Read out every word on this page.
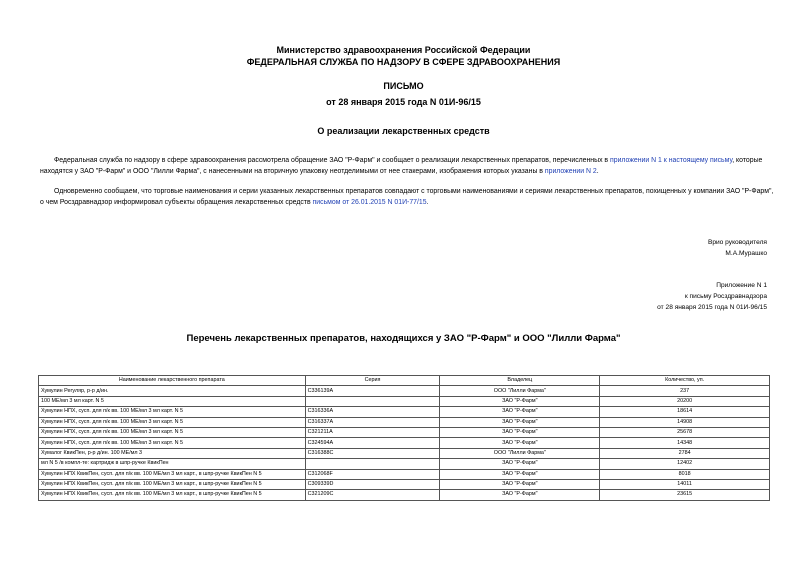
Министерство здравоохранения Российской Федерации
ФЕДЕРАЛЬНАЯ СЛУЖБА ПО НАДЗОРУ В СФЕРЕ ЗДРАВООХРАНЕНИЯ
ПИСЬМО
от 28 января 2015 года N 01И-96/15
О реализации лекарственных средств
Федеральная служба по надзору в сфере здравоохранения рассмотрела обращение ЗАО "Р-Фарм" и сообщает о реализации лекарственных препаратов, перечисленных в приложении N 1 к настоящему письму, которые находятся у ЗАО "Р-Фарм" и ООО "Лилли Фарма", с нанесенными на вторичную упаковку неотделимыми от нее стакерами, изображения которых указаны в приложении N 2.
Одновременно сообщаем, что торговые наименования и серии указанных лекарственных препаратов совпадают с торговыми наименованиями и сериями лекарственных препаратов, похищенных у компании ЗАО "Р-Фарм", о чем Росздравнадзор информировал субъекты обращения лекарственных средств письмом от 26.01.2015 N 01И-77/15.
Врио руководителя
М.А.Мурашко
Приложение N 1
к письму Росздравнадзора
от 28 января 2015 года N 01И-96/15
Перечень лекарственных препаратов, находящихся у ЗАО "Р-Фарм" и ООО "Лилли Фарма"
Наименование лекарственного препарата	Серия	Владелец	Количество, уп.
Хумулин Регуляр, р-р д/ин.	C336139A	ООО "Лилли Фарма"	237
100 МЕ/мл 3 мл карт. N 5		ЗАО "Р-Фарм"	20200
Хумулин НПХ, сусп. для п/к вв. 100 МЕ/мл 3 мл карт. N 5	C316336A	ЗАО "Р-Фарм"	18614
Хумулин НПХ, сусп. для п/к вв. 100 МЕ/мл 3 мл карт. N 5	C316337A	ЗАО "Р-Фарм"	14908
Хумулин НПХ, сусп. для п/к вв. 100 МЕ/мл 3 мл карт. N 5	C321211A	ЗАО "Р-Фарм"	25678
Хумулин НПХ, сусп. для п/к вв. 100 МЕ/мл 3 мл карт. N 5	C324594A	ЗАО "Р-Фарм"	14348
Хумалог КвикПен, р-р д/ин. 100 МЕ/мл 3	C316388C	ООО "Лилли Фарма"	2784
мл N 5 /в компл-те: картридж в шпр-ручке КвикПен		ЗАО "Р-Фарм"	12402
Хумулин НПХ КвикПен, сусп. для п/к вв. 100 МЕ/мл 3 мл карт., в шпр-ручке КвикПен N 5	C312068F	ЗАО "Р-Фарм"	8018
Хумулин НПХ КвикПен, сусп. для п/к вв. 100 МЕ/мл 3 мл карт., в шпр-ручке КвикПен N 5	C309339D	ЗАО "Р-Фарм"	14011
Хумулин НПХ КвикПен, сусп. для п/к вв. 100 МЕ/мл 3 мл карт., в шпр-ручке КвикПен N 5	C321209C	ЗАО "Р-Фарм"	23615
